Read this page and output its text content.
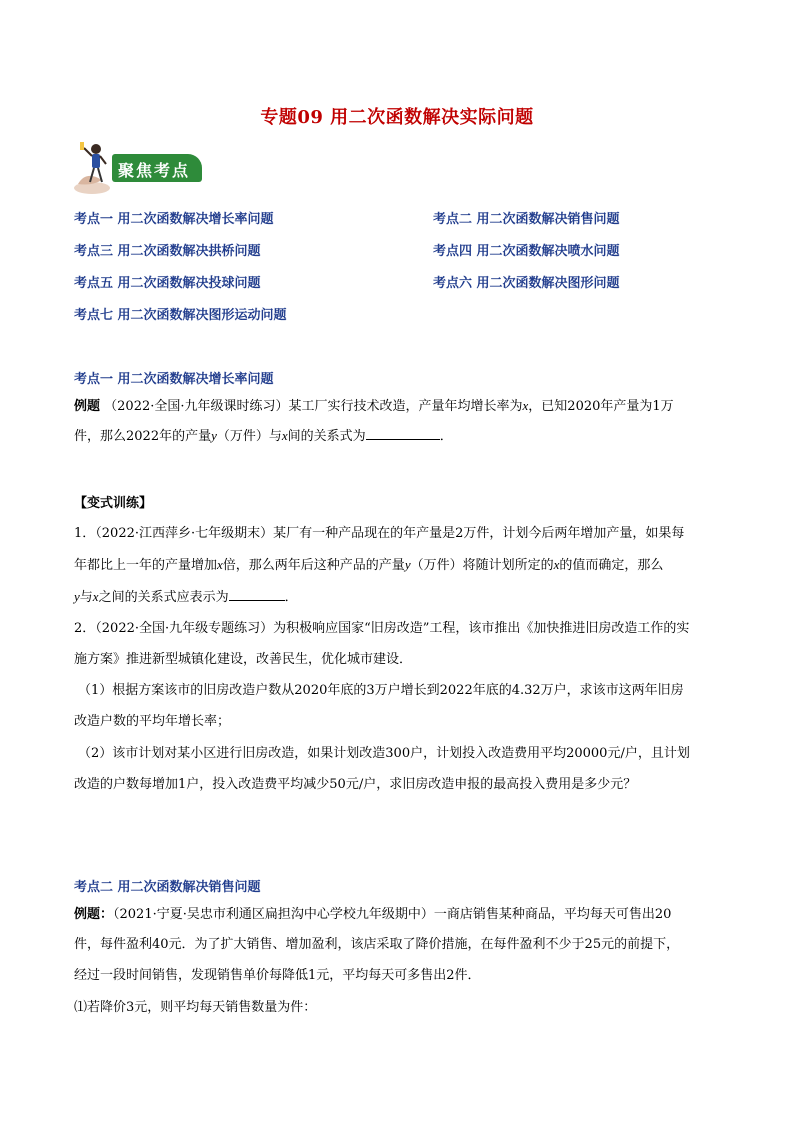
专题09 用二次函数解决实际问题
聚焦考点
考点一 用二次函数解决增长率问题	考点二 用二次函数解决销售问题
考点三 用二次函数解决拱桥问题	考点四 用二次函数解决喷水问题
考点五 用二次函数解决投球问题	考点六 用二次函数解决图形问题
考点七 用二次函数解决图形运动问题
考点一 用二次函数解决增长率问题
例题 （2022·全国·九年级课时练习）某工厂实行技术改造，产量年均增长率为x，已知2020年产量为1万
件，那么2022年的产量y（万件）与x间的关系式为	．
【变式训练】
1．（2022·江西萍乡·七年级期末）某厂有一种产品现在的年产量是2万件，计划今后两年增加产量，如果每
年都比上一年的产量增加x倍，那么两年后这种产品的产量y（万件）将随计划所定的x的值而确定，那么
y与x之间的关系式应表示为	．
2．（2022·全国·九年级专题练习）为积极响应国家“旧房改造”工程，该市推出《加快推进旧房改造工作的实
施方案》推进新型城镇化建设，改善民生，优化城市建设．
（1）根据方案该市的旧房改造户数从2020年底的3万户增长到2022年底的4.32万户，求该市这两年旧房
改造户数的平均年增长率；
（2）该市计划对某小区进行旧房改造，如果计划改造300户，计划投入改造费用平均20000元/户，且计划
改造的户数每增加1户，投入改造费平均减少50元/户，求旧房改造申报的最高投入费用是多少元？
考点二 用二次函数解决销售问题
例题：（2021·宁夏·吴忠市利通区扁担沟中心学校九年级期中）一商店销售某种商品，平均每天可售出20
件，每件盈利40元．为了扩大销售、增加盈利，该店采取了降价措施，在每件盈利不少于25元的前提下，
经过一段时间销售，发现销售单价每降低1元，平均每天可多售出2件．
⑴若降价3元，则平均每天销售数量为件：
